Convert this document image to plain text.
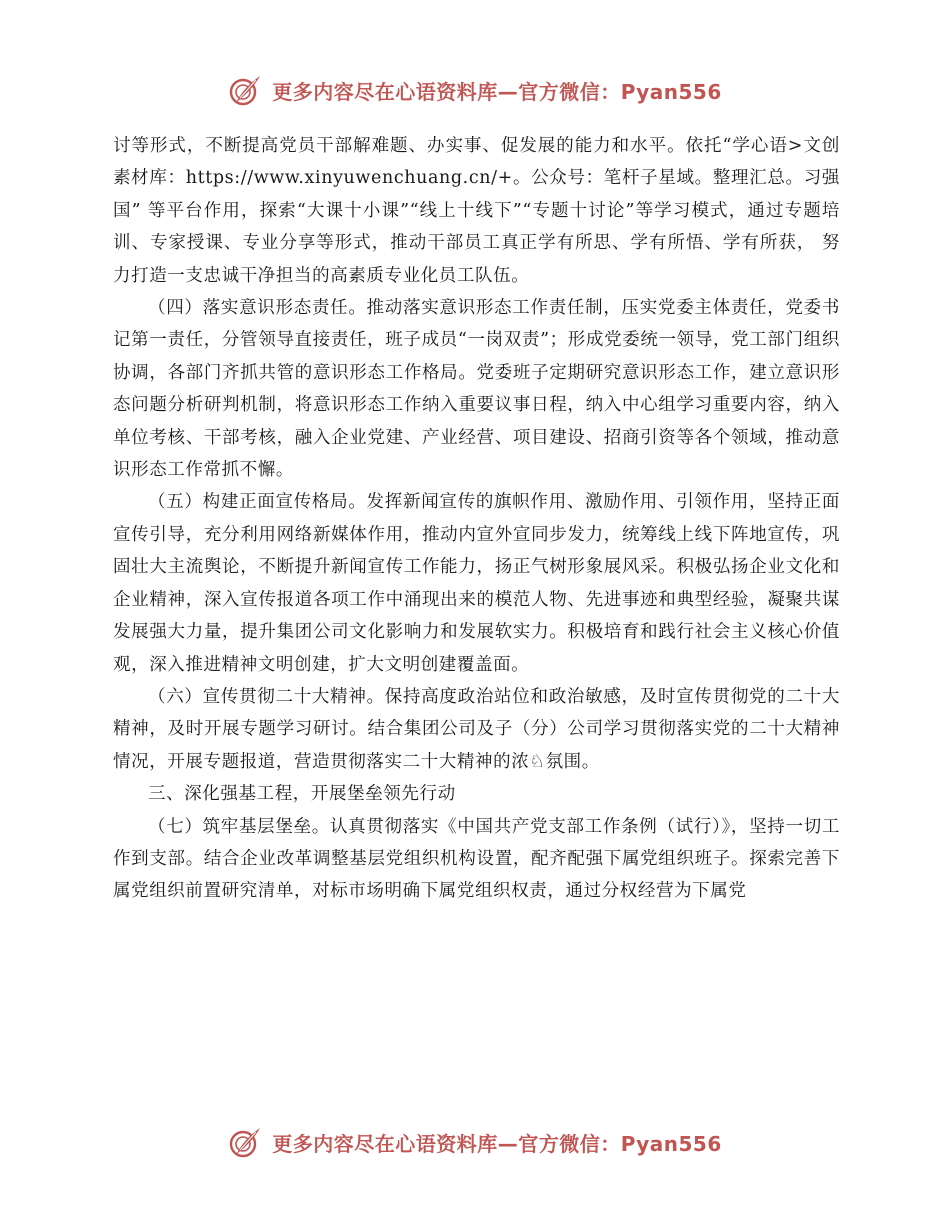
更多内容尽在心语资料库—官方微信：Pyan556

讨等形式，不断提高党员干部解难题、办实事、促发展的能力和水平。依托“学心语>文创素材库：https://www.xinyuwenchuang.cn/+。公众号：笔杆子星域。整理汇总。习强国” 等平台作用，探索“大课十小课”“线上十线下”“专题十讨论”等学习模式，通过专题培训、专家授课、专业分享等形式，推动干部员工真正学有所思、学有所悟、学有所获， 努力打造一支忠诚干净担当的高素质专业化员工队伍。

（四）落实意识形态责任。推动落实意识形态工作责任制，压实党委主体责任，党委书记第一责任，分管领导直接责任，班子成员“一岗双责”；形成党委统一领导，党工部门组织协调，各部门齐抓共管的意识形态工作格局。党委班子定期研究意识形态工作，建立意识形态问题分析研判机制，将意识形态工作纳入重要议事日程，纳入中心组学习重要内容，纳入单位考核、干部考核，融入企业党建、产业经营、项目建设、招商引资等各个领域，推动意识形态工作常抓不懈。

（五）构建正面宣传格局。发挥新闻宣传的旗帜作用、激励作用、引领作用，坚持正面宣传引导，充分利用网络新媒体作用，推动内宣外宣同步发力，统筹线上线下阵地宣传，巩固壮大主流舆论，不断提升新闻宣传工作能力，扬正气树形象展风采。积极弘扬企业文化和企业精神，深入宣传报道各项工作中涌现出来的模范人物、先进事迹和典型经验，凝聚共谋发展强大力量，提升集团公司文化影响力和发展软实力。积极培育和践行社会主义核心价值观，深入推进精神文明创建，扩大文明创建覆盖面。

（六）宣传贯彻二十大精神。保持高度政治站位和政治敏感，及时宣传贯彻党的二十大精神，及时开展专题学习研讨。结合集团公司及子（分）公司学习贯彻落实党的二十大精神情况，开展专题报道，营造贯彻落实二十大精神的浓♘氛围。

三、深化强基工程，开展堡垒领先行动

（七）筑牢基层堡垒。认真贯彻落实《中国共产党支部工作条例（试行）》，坚持一切工作到支部。结合企业改革调整基层党组织机构设置，配齐配强下属党组织班子。探索完善下属党组织前置研究清单，对标市场明确下属党组织权责，通过分权经营为下属党

更多内容尽在心语资料库—官方微信：Pyan556
